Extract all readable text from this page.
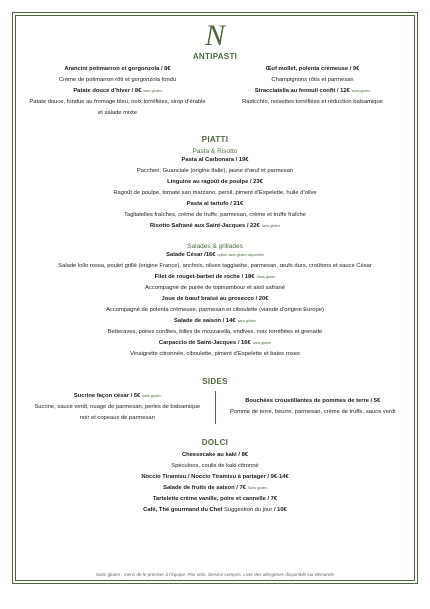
N
ANTIPASTI
Arancini potimarron et gorgonzola / 8€
Crème de potimarron rôti et gorgonzola fondu
Patate douce d’hiver / 8€ sans gluten
Patate douce, fondue au fromage bleu, noix torréfiées, sirop d’érable
et salade mixte
Œuf mollet, polenta crémeuse / 9€
Champignons rôtis et parmesan
Stracciatella au fenouil confit / 12€ sans gluten
Radicchio, noisettes torréfiées et réduction balsamique
PIATTI
Pasta & Risotto
Pasta al Carbonara / 19€
Paccheri, Guanciale (origine Italie), jaune d’œuf et parmesan
Linguine au ragoût de poulpe / 23€
Ragoût de poulpe, tomate san marzano, persil, piment d’Espelette, huile d’olive
Pasta al tartufo / 21€
Tagliatelles fraîches, crème de truffe, parmesan, crème et truffe fraîche
Risotto Safrané aux Saint-Jacques / 22€ sans gluten
Salades & grillades
Salade César /16€ option sans gluten disponible
Salade lollo rossa, poulet grillé (origine France), anchois, olives taggiashe, parmesan, œufs durs, croûtons et sauce César
Filet de rouget-barbet de roche / 18€ Sans gluten
Accompagné de purée de topinambour et aïoli safrané
Joue de bœuf braisé au prosecco / 20€
Accompagné de polenta crémeuse, parmesan et ciboulette (viande d’origine Europe)
Salade de saison / 14€ sans gluten
Betteraves, poires confites, billes de mozzarella, endives, noix torréfiées et grenade
Carpaccio de Saint-Jacques / 16€ sans gluten
Vinaigrette citronnée, ciboulette, piment d’Espelette et baies roses
SIDES
Sucrine façon césar / 5€ sans gluten
Sucrine, sauce verdi, nuage de parmesan, perles de balsamique
noir et copeaux de parmesan
Bouchées croustillantes de pommes de terre / 5€
Pomme de terre, beurre, parmesan, crème de truffe, sauce verdi
DOLCI
Cheesecake au kaki / 8€
Spéculoos, coulis de kaki citronné
Noccio Tiramisu / Noccio Tiramisu à partager / 9€-14€
Salade de fruits de saison / 7€ Sans gluten
Tartelette crème vanille, poire et cannelle / 7€
Café, Thé gourmand du Chef Suggestion du jour / 10€
Sans gluten ; merci de le préciser à l’équipe. Prix nets. Service compris. Liste des allergènes disponible sur demande
